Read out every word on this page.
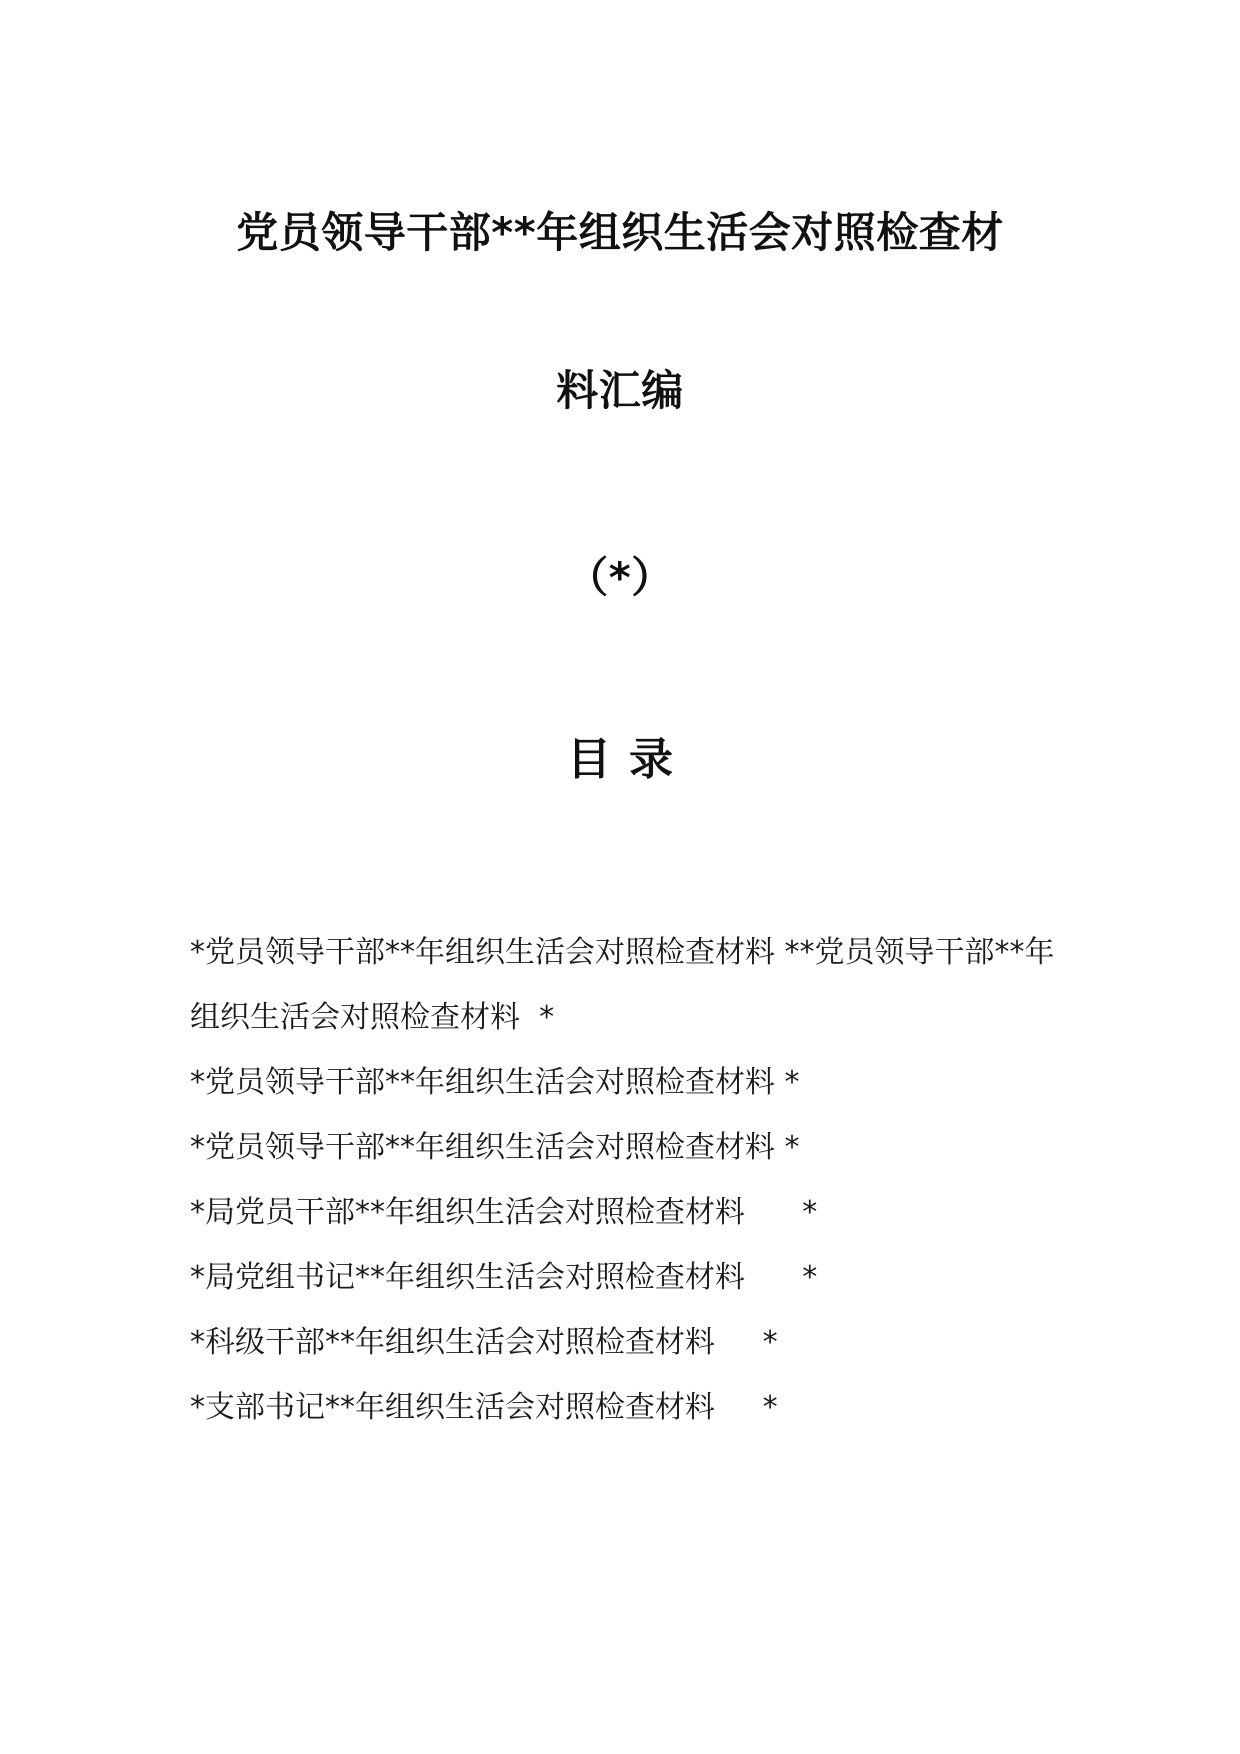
党员领导干部**年组织生活会对照检查材
料汇编
（*）
目录
*党员领导干部**年组织生活会对照检查材料 **党员领导干部**年组织生活会对照检查材料  *
*党员领导干部**年组织生活会对照检查材料 *
*党员领导干部**年组织生活会对照检查材料 *
*局党员干部**年组织生活会对照检查材料      *
*局党组书记**年组织生活会对照检查材料      *
*科级干部**年组织生活会对照检查材料     *
*支部书记**年组织生活会对照检查材料     *
